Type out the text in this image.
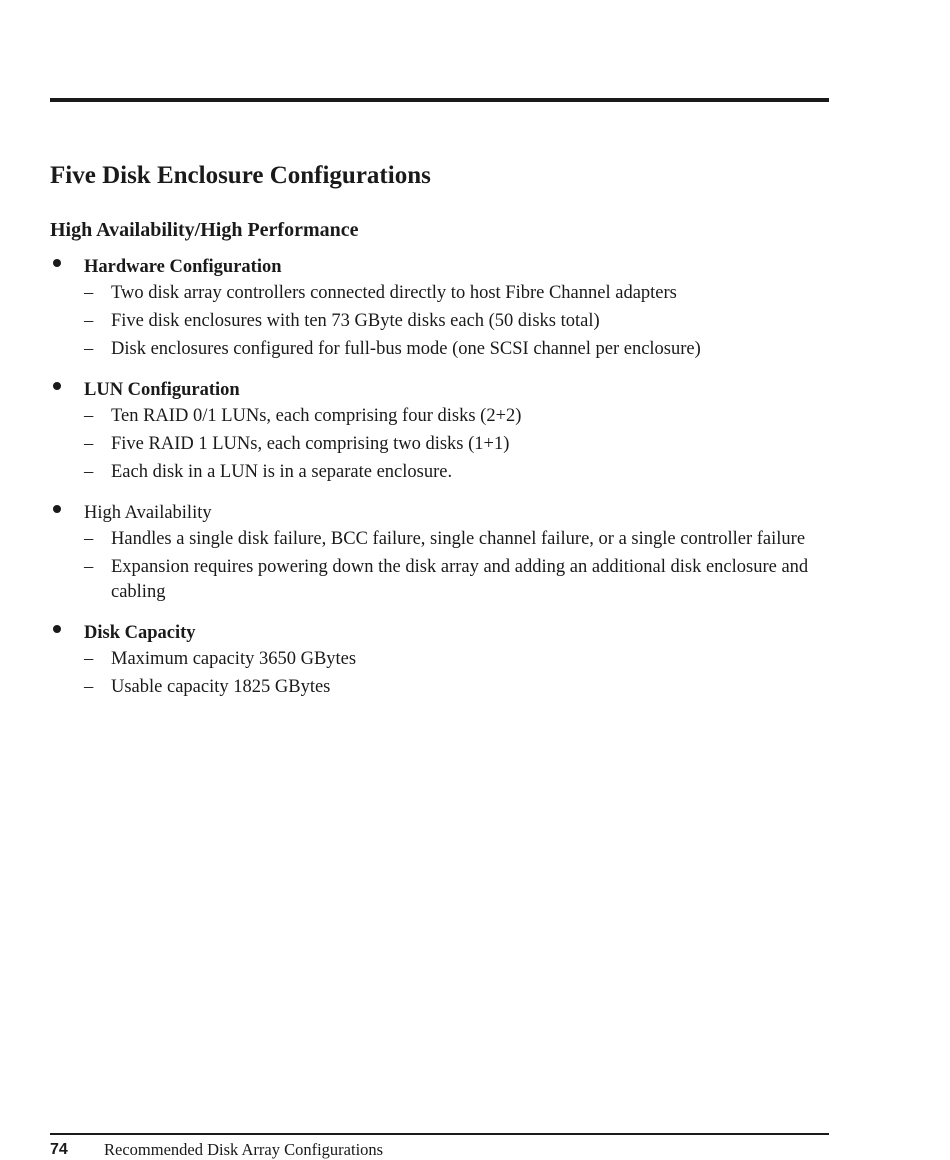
Five Disk Enclosure Configurations
High Availability/High Performance
Hardware Configuration
– Two disk array controllers connected directly to host Fibre Channel adapters
– Five disk enclosures with ten 73 GByte disks each (50 disks total)
– Disk enclosures configured for full-bus mode (one SCSI channel per enclosure)
LUN Configuration
– Ten RAID 0/1 LUNs, each comprising four disks (2+2)
– Five RAID 1 LUNs, each comprising two disks (1+1)
– Each disk in a LUN is in a separate enclosure.
High Availability
– Handles a single disk failure, BCC failure, single channel failure, or a single controller failure
– Expansion requires powering down the disk array and adding an additional disk enclosure and cabling
Disk Capacity
– Maximum capacity 3650 GBytes
– Usable capacity 1825 GBytes
74 Recommended Disk Array Configurations
